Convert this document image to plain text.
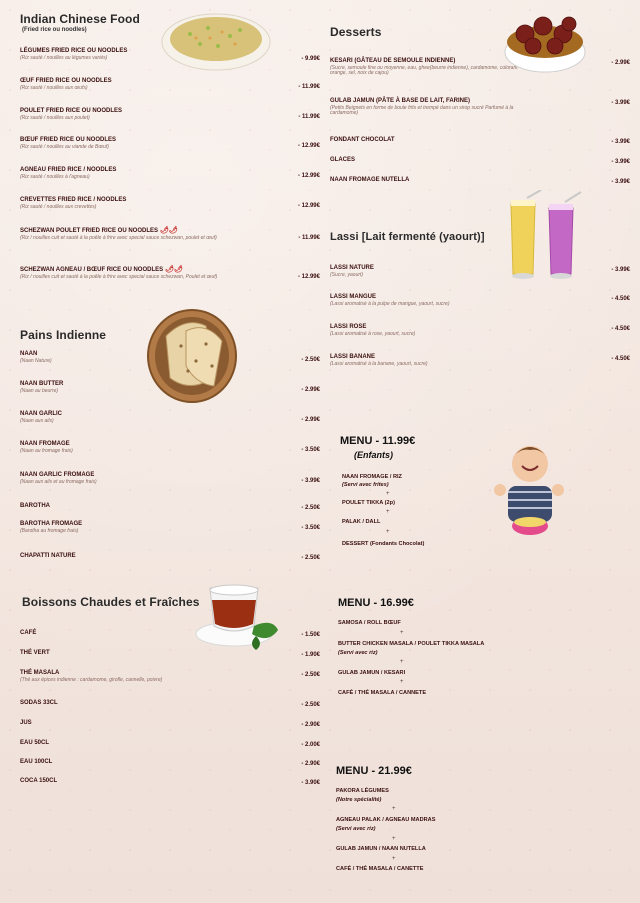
Indian Chinese Food
(Fried rice ou noodles)
LÉGUMES FRIED RICE OU NOODLES
(Riz sauté / nouilles au légumes variés)	- 9.99€
ŒUF FRIED RICE OU NOODLES
(Riz sauté / nouilles aux œufs)	- 11.99€
POULET FRIED RICE OU NOODLES
(Riz sauté / nouilles aux poulet)	- 11.99€
BŒUF FRIED RICE OU NOODLES
(Riz sauté / nouilles au viande de Bœuf)	- 12.99€
AGNEAU FRIED RICE / NOODLES
(Riz sauté / nouilles à l'agneau)	- 12.99€
CREVETTES FRIED RICE / NOODLES
(Riz sauté / nouilles aux crevettes)	- 12.99€
SCHEZWAN POULET FRIED RICE OU NOODLES 🌶🌶
(Riz / nouilles cuit et sauté à la poêle à frire avec special sauce schezwan, poulet et œuf)	- 11.99€
SCHEZWAN AGNEAU / BŒUF RICE OU NOODLES 🌶🌶
(Riz / nouilles cuit et sauté à la poêle à frire avec special sauce schezwan, Poulet et œuf)	- 12.99€
Pains Indienne
NAAN
(Naan Nature)	- 2.50€
NAAN BUTTER
(Naan au beurre)	- 2.99€
NAAN GARLIC
(Naan aux ails)	- 2.99€
NAAN FROMAGE
(Naan au fromage frais)	- 3.50€
NAAN GARLIC FROMAGE
(Naan aux ails et au fromage frais)	- 3.99€
BAROTHA	- 2.50€
BAROTHA FROMAGE
(Barotha au fromage frais)	- 3.50€
CHAPATTI NATURE	- 2.50€
Boissons Chaudes et Fraîches
CAFÉ	- 1.50€
THÉ VERT	- 1.90€
THÉ MASALA
(Thé aux épices indienne : cardamome, girofle, cannelle, poivre)
- 2.50€
SODAS 33CL	- 2.50€
JUS	- 2.90€
EAU 50CL	- 2.00€
EAU 100CL	- 2.90€
COCA 150CL	- 3.90€
Desserts
KESARI (GÂTEAU DE SEMOULE INDIENNE)
(Sucre, semoule fine ou moyenne, eau, ghee(beurre indienne), cardamome, colorant orange, sel, noix de cajou)
- 2.99€
GULAB JAMUN (PÂTE À BASE DE LAIT, FARINE)
(Petits Beignets en forme de boule frits et trempé dans un sirop sucré Parfumé à la cardamome)
- 3.99€
FONDANT CHOCOLAT	- 3.99€
GLACES	- 3.99€
NAAN FROMAGE NUTELLA	- 3.99€
Lassi [Lait fermenté (yaourt)]
LASSI NATURE
(Sucre, yaourt)
- 3.99€
LASSI MANGUE
(Lassi aromatisé à la pulpe de mangue, yaourt, sucre)
- 4.50€
LASSI ROSE
(Lassi aromatisé à rose, yaourt, sucre)
- 4.50€
LASSI BANANE
(Lassi aromatisé à la banane, yaourt, sucre)
- 4.50€
MENU - 11.99€
(Enfants)
NAAN FROMAGE / RIZ
(Servi avec frites)
+
POULET TIKKA (2p)
+
PALAK / DALL
+
DESSERT (Fondants Chocolat)
MENU - 16.99€
SAMOSA / ROLL BŒUF
+
BUTTER CHICKEN MASALA / POULET TIKKA MASALA
(Servi avec riz)
+
GULAB JAMUN / KESARI
+
CAFÉ / THÉ MASALA / CANNETE
MENU - 21.99€
PAKORA LÉGUMES
(Notre spécialité)
+
AGNEAU PALAK / AGNEAU MADRAS
(Servi avec riz)
+
GULAB JAMUN / NAAN NUTELLA
+
CAFÉ / THÉ MASALA / CANETTE
